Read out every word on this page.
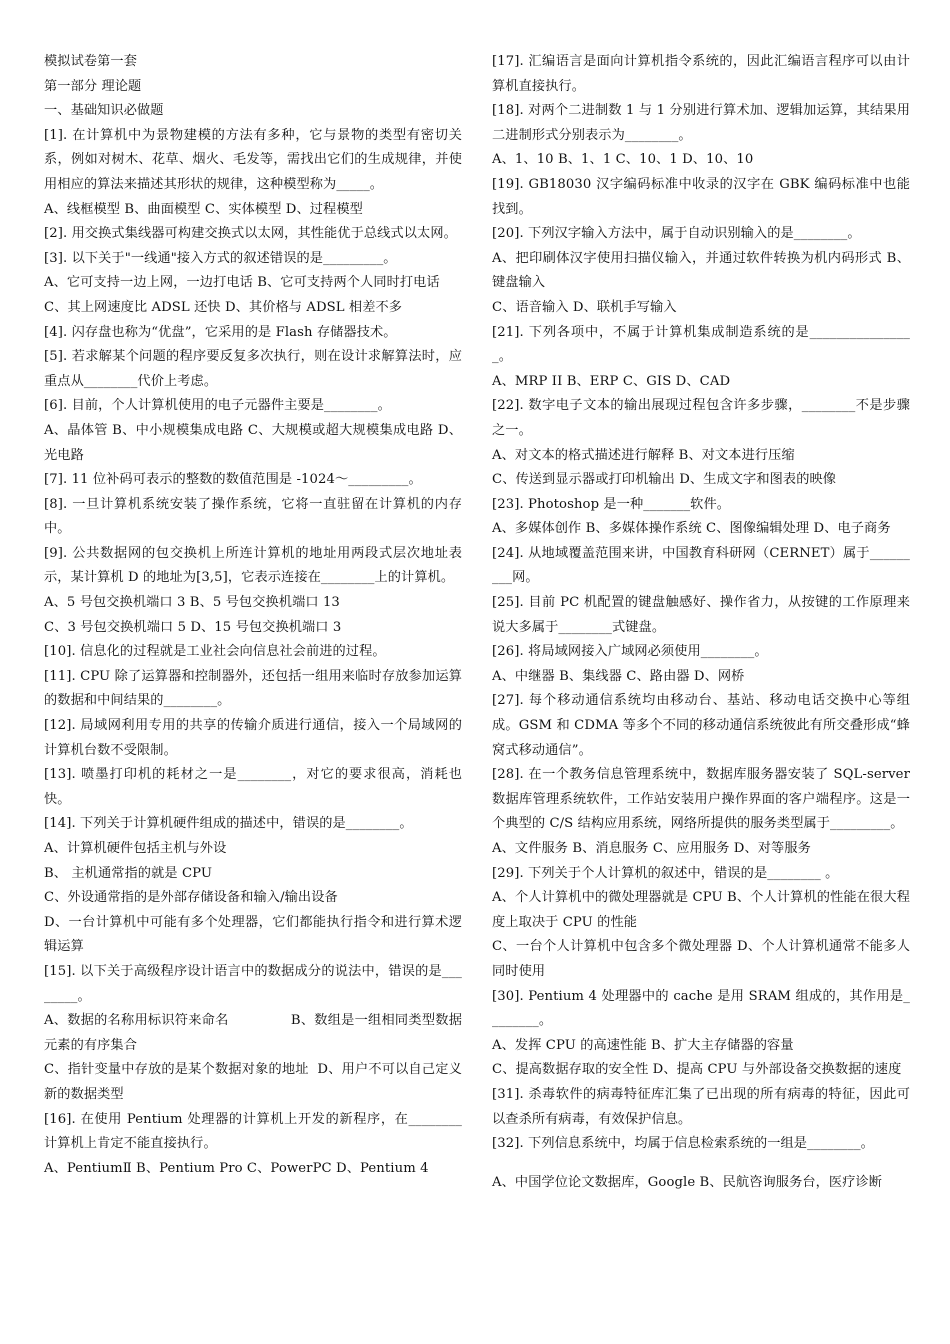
模拟试卷第一套

第一部分 理论题

一、基础知识必做题

[1]. 在计算机中为景物建模的方法有多种，它与景物的类型有密切关系，例如对树木、花草、烟火、毛发等，需找出它们的生成规律，并使用相应的算法来描述其形状的规律，这种模型称为_____。

A、线框模型 B、曲面模型 C、实体模型 D、过程模型

[2]. 用交换式集线器可构建交换式以太网，其性能优于总线式以太网。

[3]. 以下关于"一线通"接入方式的叙述错误的是_________。

A、它可支持一边上网，一边打电话 B、它可支持两个人同时打电话

C、其上网速度比 ADSL 还快 D、其价格与 ADSL 相差不多

[4]. 闪存盘也称为“优盘”，它采用的是 Flash 存储器技术。

[5]. 若求解某个问题的程序要反复多次执行，则在设计求解算法时，应重点从________代价上考虑。

[6]. 目前，个人计算机使用的电子元器件主要是________。

A、晶体管 B、中小规模集成电路 C、大规模或超大规模集成电路 D、光电路

[7]. 11 位补码可表示的整数的数值范围是 -1024～_________。

[8]. 一旦计算机系统安装了操作系统，它将一直驻留在计算机的内存中。

[9]. 公共数据网的包交换机上所连计算机的地址用两段式层次地址表示，某计算机 D 的地址为[3,5]，它表示连接在________上的计算机。

A、5 号包交换机端口 3 B、5 号包交换机端口 13

C、3 号包交换机端口 5 D、15 号包交换机端口 3

[10]. 信息化的过程就是工业社会向信息社会前进的过程。

[11]. CPU 除了运算器和控制器外，还包括一组用来临时存放参加运算的数据和中间结果的________。

[12]. 局域网利用专用的共享的传输介质进行通信，接入一个局域网的计算机台数不受限制。

[13]. 喷墨打印机的耗材之一是________，对它的要求很高，消耗也快。

[14]. 下列关于计算机硬件组成的描述中，错误的是________。

A、计算机硬件包括主机与外设

B、 主机通常指的就是 CPU

C、外设通常指的是外部存储设备和输入/输出设备

D、一台计算机中可能有多个处理器，它们都能执行指令和进行算术逻辑运算

[15]. 以下关于高级程序设计语言中的数据成分的说法中，错误的是________。

A、数据的名称用标识符来命名              B、数组是一组相同类型数据元素的有序集合

C、指针变量中存放的是某个数据对象的地址  D、用户不可以自己定义新的数据类型

[16]. 在使用 Pentium 处理器的计算机上开发的新程序，在________计算机上肯定不能直接执行。

A、PentiumⅡ B、Pentium Pro C、PowerPC D、Pentium 4

[17]. 汇编语言是面向计算机指令系统的，因此汇编语言程序可以由计算机直接执行。

[18]. 对两个二进制数 1 与 1 分别进行算术加、逻辑加运算，其结果用二进制形式分别表示为________。

A、1、10 B、1、1 C、10、1 D、10、10

[19]. GB18030 汉字编码标准中收录的汉字在 GBK 编码标准中也能找到。

[20]. 下列汉字输入方法中，属于自动识别输入的是________。

A、把印刷体汉字使用扫描仪输入，并通过软件转换为机内码形式 B、键盘输入

C、语音输入 D、联机手写输入

[21]. 下列各项中，不属于计算机集成制造系统的是________________。

A、MRP II B、ERP C、GIS D、CAD

[22]. 数字电子文本的输出展现过程包含许多步骤，________不是步骤之一。

A、对文本的格式描述进行解释 B、对文本进行压缩

C、传送到显示器或打印机输出 D、生成文字和图表的映像

[23]. Photoshop 是一种_______软件。

A、多媒体创作 B、多媒体操作系统 C、图像编辑处理 D、电子商务

[24]. 从地域覆盖范围来讲，中国教育科研网（CERNET）属于_________网。

[25]. 目前 PC 机配置的键盘触感好、操作省力，从按键的工作原理来说大多属于________式键盘。

[26]. 将局域网接入广域网必须使用________。

A、中继器 B、集线器 C、路由器 D、网桥

[27]. 每个移动通信系统均由移动台、基站、移动电话交换中心等组成。GSM 和 CDMA 等多个不同的移动通信系统彼此有所交叠形成“蜂窝式移动通信”。

[28]. 在一个教务信息管理系统中，数据库服务器安装了 SQL-server 数据库管理系统软件，工作站安装用户操作界面的客户端程序。这是一个典型的 C/S 结构应用系统，网络所提供的服务类型属于_________。

A、文件服务 B、消息服务 C、应用服务 D、对等服务

[29]. 下列关于个人计算机的叙述中，错误的是________ 。

A、个人计算机中的微处理器就是 CPU B、个人计算机的性能在很大程度上取决于 CPU 的性能

C、一台个人计算机中包含多个微处理器 D、个人计算机通常不能多人同时使用

[30]. Pentium 4 处理器中的 cache 是用 SRAM 组成的，其作用是________。

A、发挥 CPU 的高速性能 B、扩大主存储器的容量

C、提高数据存取的安全性 D、提高 CPU 与外部设备交换数据的速度

[31]. 杀毒软件的病毒特征库汇集了已出现的所有病毒的特征，因此可以查杀所有病毒，有效保护信息。

[32]. 下列信息系统中，均属于信息检索系统的一组是________。

A、中国学位论文数据库，Google B、民航咨询服务台，医疗诊断
